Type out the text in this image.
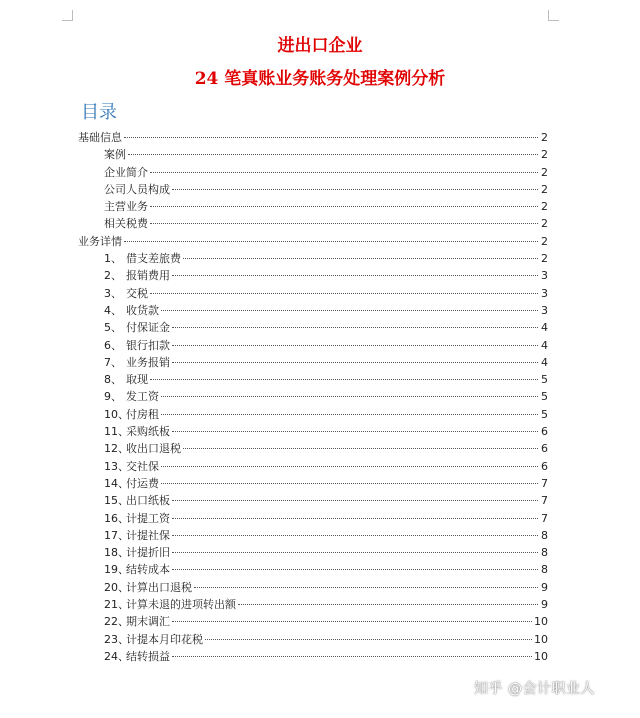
进出口企业
24 笔真账业务账务处理案例分析
目录
基础信息	2
案例	2
企业简介	2
公司人员构成	2
主营业务	2
相关税费	2
业务详情	2
1、 借支差旅费	2
2、 报销费用	3
3、 交税	3
4、 收货款	3
5、 付保证金	4
6、 银行扣款	4
7、 业务报销	4
8、 取现	5
9、 发工资	5
10、付房租	5
11、采购纸板	6
12、收出口退税	6
13、交社保	6
14、付运费	7
15、出口纸板	7
16、计提工资	7
17、计提社保	8
18、计提折旧	8
19、结转成本	8
20、计算出口退税	9
21、计算未退的进项转出额	9
22、期末调汇	10
23、计提本月印花税	10
24、结转损益	10
知乎 @会计职业人
